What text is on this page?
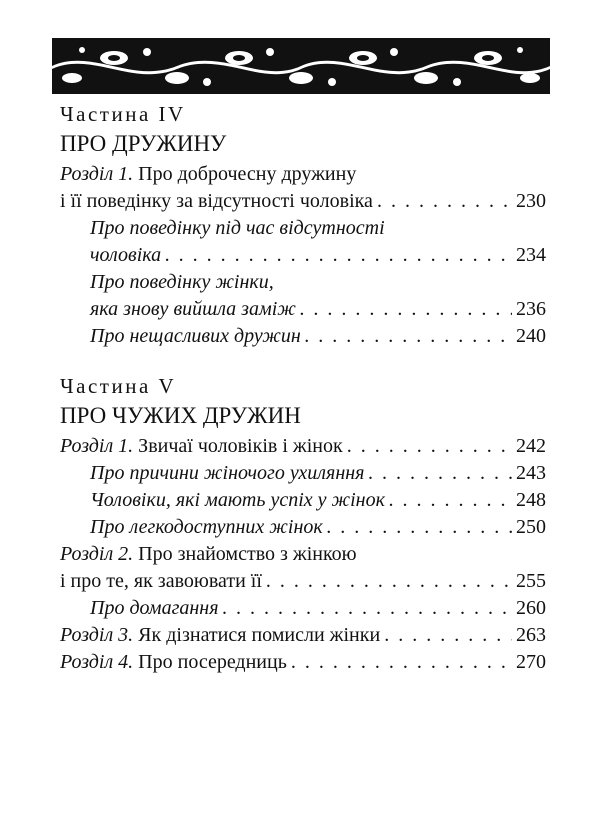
Частина IV
ПРО ДРУЖИНУ
Розділ 1.
Про доброчесну дружину
і її поведінку за відсутності чоловіка . . .	230
Про поведінку під час відсутності
чоловіка . . .	234
Про поведінку жінки,
яка знову вийшла заміж . . .	236
Про нещасливих дружин . . .	240
Частина V
ПРО ЧУЖИХ ДРУЖИН
Розділ 1.
Звичаї чоловіків і жінок . . .	242
Про причини жіночого ухиляння . . .	243
Чоловіки, які мають успіх у жінок . . .	248
Про легкодоступних жінок . . .	250
Розділ 2.
Про знайомство з жінкою
і про те, як завоювати її . . .	255
Про домагання . . .	260
Розділ 3.
Як дізнатися помисли жінки . . .	263
Розділ 4.
Про посередниць . . .	270
